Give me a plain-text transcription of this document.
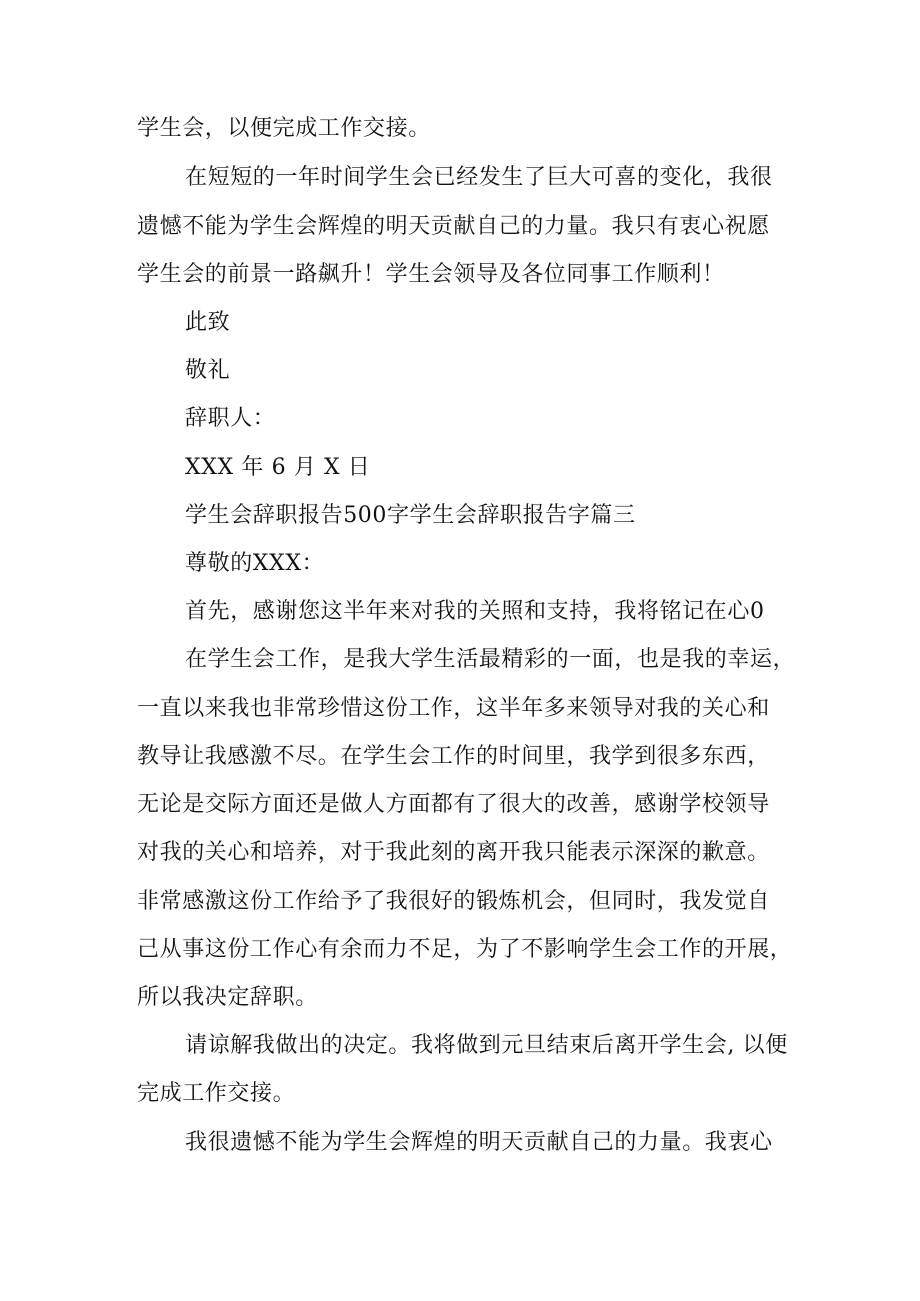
学生会，以便完成工作交接。
在短短的一年时间学生会已经发生了巨大可喜的变化，我很
遗憾不能为学生会辉煌的明天贡献自己的力量。我只有衷心祝愿
学生会的前景一路飙升！学生会领导及各位同事工作顺利！
此致
敬礼
辞职人：
XXX 年 6 月 X 日
学生会辞职报告500字学生会辞职报告字篇三
尊敬的XXX：
首先，感谢您这半年来对我的关照和支持，我将铭记在心0
在学生会工作，是我大学生活最精彩的一面，也是我的幸运，
一直以来我也非常珍惜这份工作，这半年多来领导对我的关心和
教导让我感激不尽。在学生会工作的时间里，我学到很多东西，
无论是交际方面还是做人方面都有了很大的改善，感谢学校领导
对我的关心和培养，对于我此刻的离开我只能表示深深的歉意。
非常感激这份工作给予了我很好的锻炼机会，但同时，我发觉自
己从事这份工作心有余而力不足，为了不影响学生会工作的开展，
所以我决定辞职。
请谅解我做出的决定。我将做到元旦结束后离开学生会, 以便
完成工作交接。
我很遗憾不能为学生会辉煌的明天贡献自己的力量。我衷心
